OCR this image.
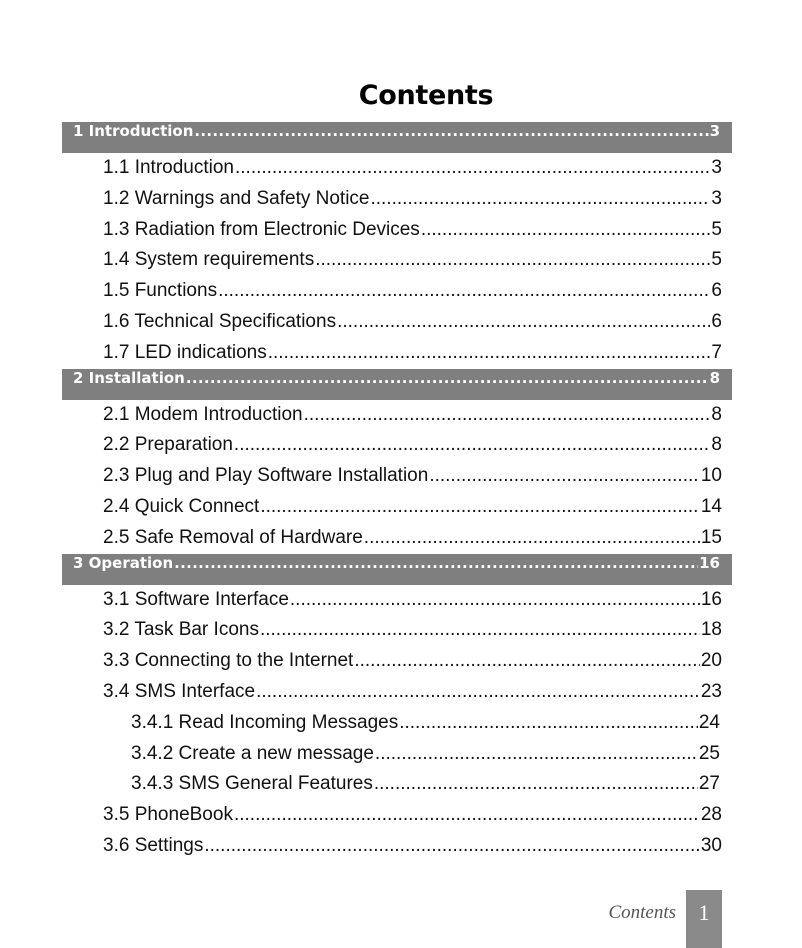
Contents
1 Introduction .....	3
1.1 Introduction .....	3
1.2 Warnings and Safety Notice .....	3
1.3 Radiation from Electronic Devices .....	5
1.4 System requirements .....	5
1.5 Functions .....	6
1.6 Technical Specifications .....	6
1.7 LED indications .....	7
2 Installation .....	8
2.1 Modem Introduction .....	8
2.2 Preparation .....	8
2.3 Plug and Play Software Installation .....	10
2.4 Quick Connect .....	14
2.5 Safe Removal of Hardware .....	15
3 Operation .....	16
3.1 Software Interface .....	16
3.2 Task Bar Icons .....	18
3.3 Connecting to the Internet .....	20
3.4 SMS Interface .....	23
3.4.1 Read Incoming Messages .....	24
3.4.2 Create a new message .....	25
3.4.3 SMS General Features .....	27
3.5 PhoneBook .....	28
3.6 Settings .....	30
Contents	1
